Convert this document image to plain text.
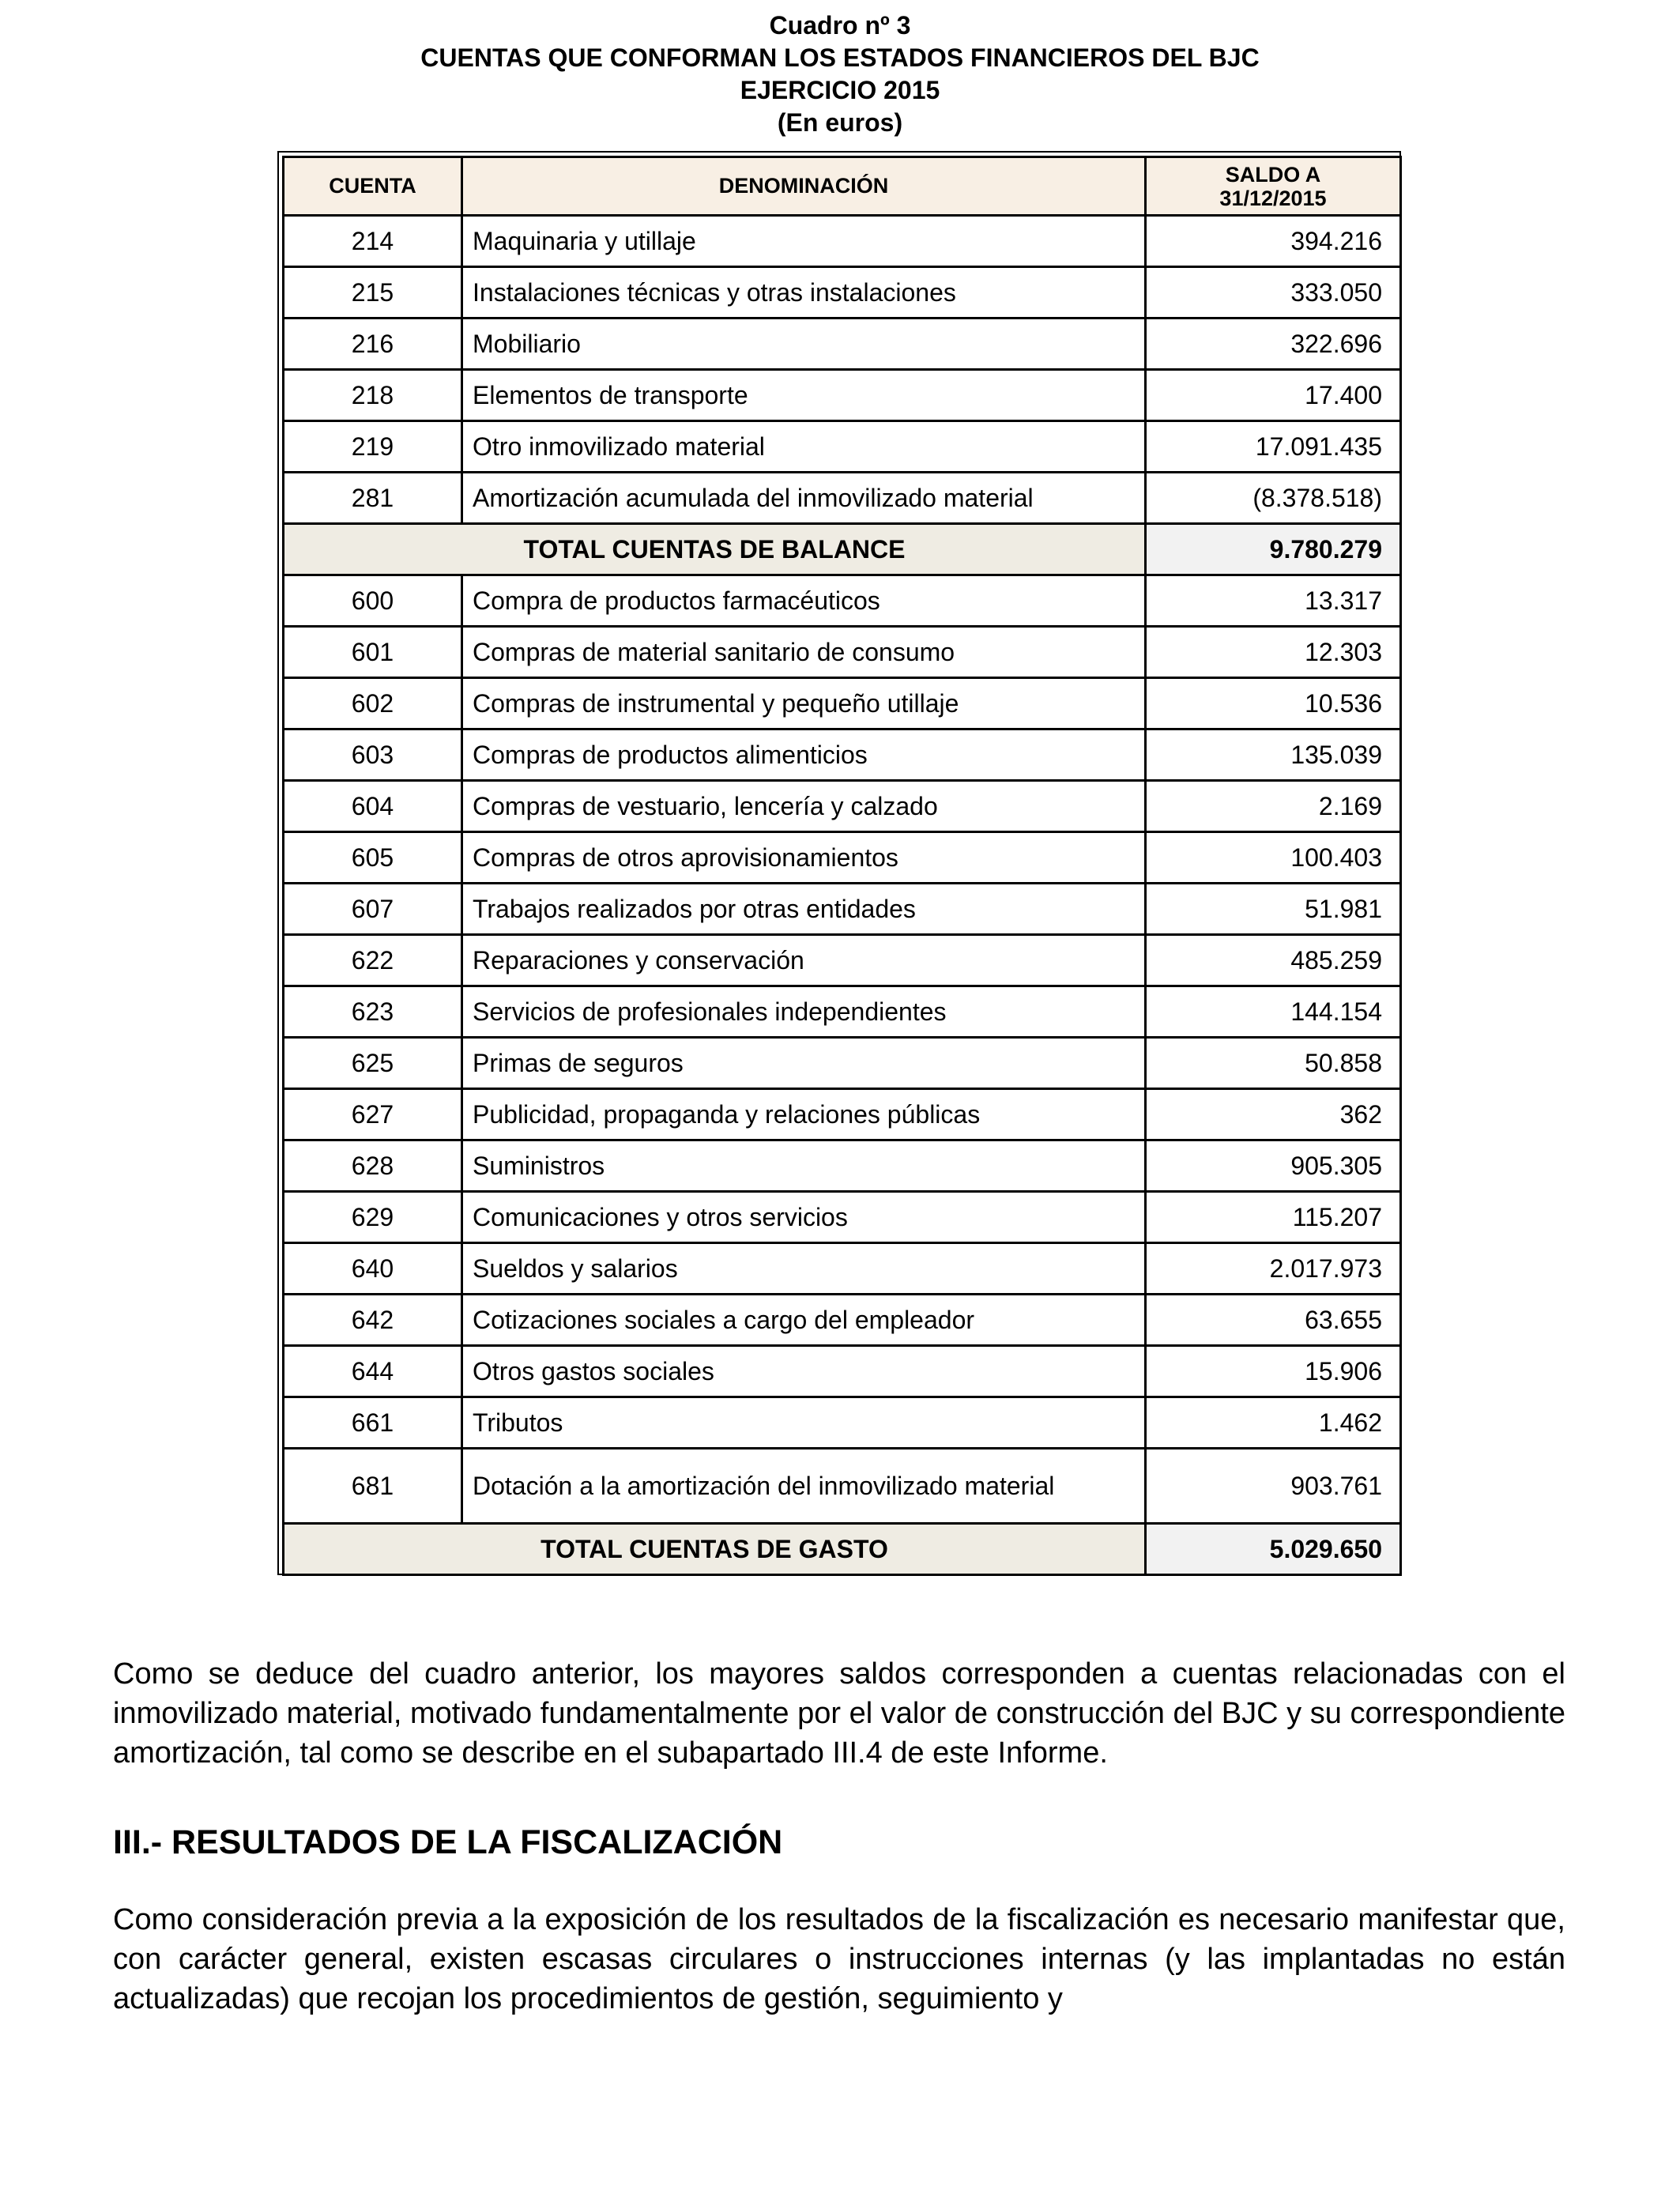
Cuadro nº 3
CUENTAS QUE CONFORMAN LOS ESTADOS FINANCIEROS DEL BJC
EJERCICIO 2015
(En euros)
CUENTA	DENOMINACIÓN	SALDO A
31/12/2015

214	Maquinaria y utillaje	394.216
215	Instalaciones técnicas y otras instalaciones	333.050
216	Mobiliario	322.696
218	Elementos de transporte	17.400
219	Otro inmovilizado material	17.091.435
281	Amortización acumulada del inmovilizado material	(8.378.518)
TOTAL CUENTAS DE BALANCE		9.780.279
600	Compra de productos farmacéuticos	13.317
601	Compras de material sanitario de consumo	12.303
602	Compras de instrumental y pequeño utillaje	10.536
603	Compras de productos alimenticios	135.039
604	Compras de vestuario, lencería y calzado	2.169
605	Compras de otros aprovisionamientos	100.403
607	Trabajos realizados por otras entidades	51.981
622	Reparaciones y conservación	485.259
623	Servicios de profesionales independientes	144.154
625	Primas de seguros	50.858
627	Publicidad, propaganda y relaciones públicas	362
628	Suministros	905.305
629	Comunicaciones y otros servicios	115.207
640	Sueldos y salarios	2.017.973
642	Cotizaciones sociales a cargo del empleador	63.655
644	Otros gastos sociales	15.906
661	Tributos	1.462
681	Dotación a la amortización del inmovilizado material	903.761
TOTAL CUENTAS DE GASTO		5.029.650
Como se deduce del cuadro anterior, los mayores saldos corresponden a cuentas relacionadas con el inmovilizado material, motivado fundamentalmente por el valor de construcción del BJC y su correspondiente amortización, tal como se describe en el subapartado III.4 de este Informe.
III.- RESULTADOS DE LA FISCALIZACIÓN
Como consideración previa a la exposición de los resultados de la fiscalización es necesario manifestar que, con carácter general, existen escasas circulares o instrucciones internas (y las implantadas no están actualizadas) que recojan los procedimientos de gestión, seguimiento y
